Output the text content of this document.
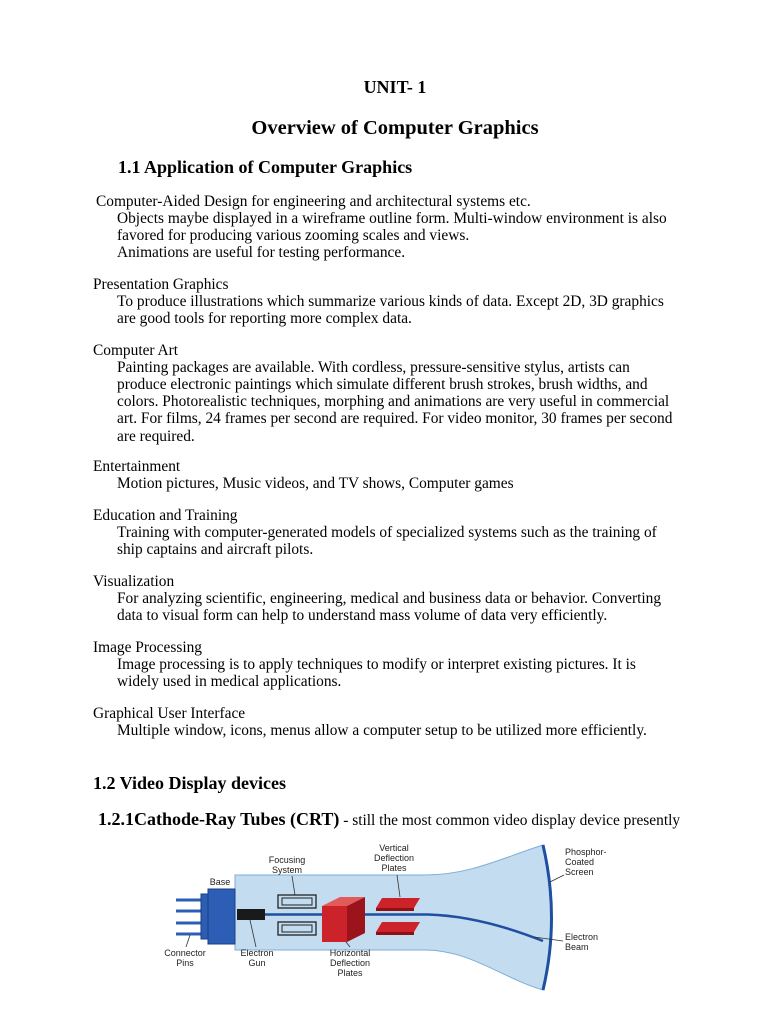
UNIT- 1
Overview of Computer Graphics
1.1 Application of Computer Graphics
Computer-Aided Design for engineering and architectural systems etc.
Objects maybe displayed in a wireframe outline form. Multi-window environment is also
favored for producing various zooming scales and views.
Animations are useful for testing performance.
Presentation Graphics
To produce illustrations which summarize various kinds of data. Except 2D, 3D graphics
are good tools for reporting more complex data.
Computer Art
Painting packages are available. With cordless, pressure-sensitive stylus, artists can
produce electronic paintings which simulate different brush strokes, brush widths, and
colors. Photorealistic techniques, morphing and animations are very useful in commercial
art. For films, 24 frames per second are required. For video monitor, 30 frames per second
are required.
Entertainment
Motion pictures, Music videos, and TV shows, Computer games
Education and Training
Training with computer-generated models of specialized systems such as the training of
ship captains and aircraft pilots.
Visualization
For analyzing scientific, engineering, medical and business data or behavior. Converting
data to visual form can help to understand mass volume of data very efficiently.
Image Processing
Image processing is to apply techniques to modify or interpret existing pictures. It is
widely used in medical applications.
Graphical User Interface
Multiple window, icons, menus allow a computer setup to be utilized more efficiently.
1.2 Video Display devices
1.2.1Cathode-Ray Tubes (CRT) - still the most common video display device presently
Focusing System
Vertical Deflection Plates
Phosphor-Coated Screen
Base
Connector Pins
Electron Gun
Horizontal Deflection Plates
Electron Beam
